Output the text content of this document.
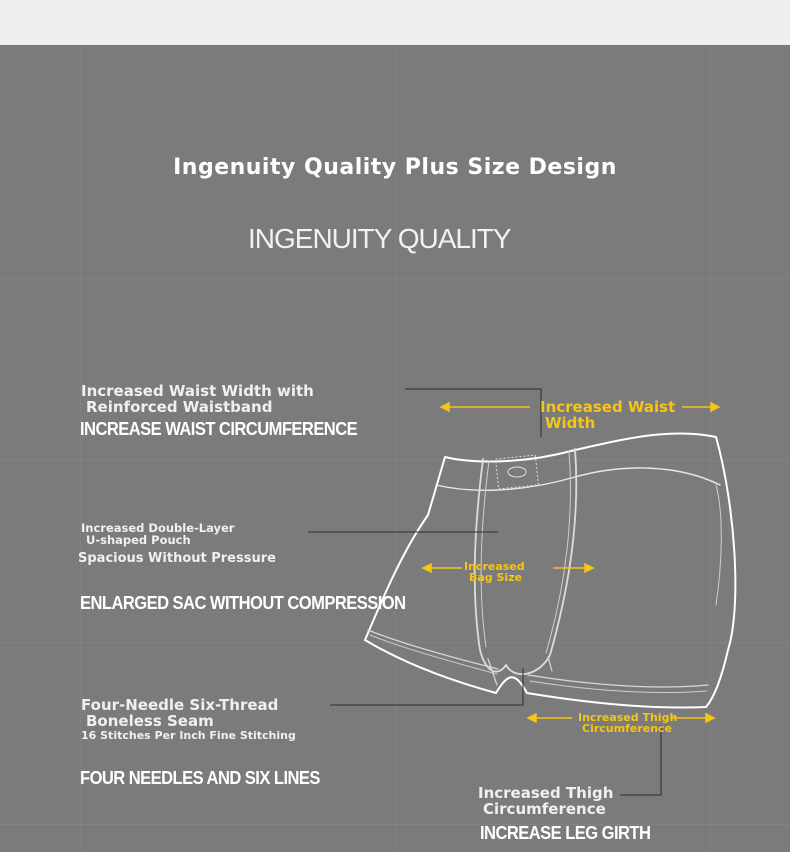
Ingenuity Quality Plus Size Design
INGENUITY QUALITY
Increased Waist Width with
Reinforced Waistband
INCREASE WAIST CIRCUMFERENCE
Increased Double-Layer
U-shaped Pouch
Spacious Without Pressure
ENLARGED SAC WITHOUT COMPRESSION
Four-Needle Six-Thread
Boneless Seam
16 Stitches Per Inch Fine Stitching
FOUR NEEDLES AND SIX LINES
Increased Thigh
Circumference
INCREASE LEG GIRTH
Increased Waist
Width
Increased
Bag Size
Increased Thigh
Circumference
